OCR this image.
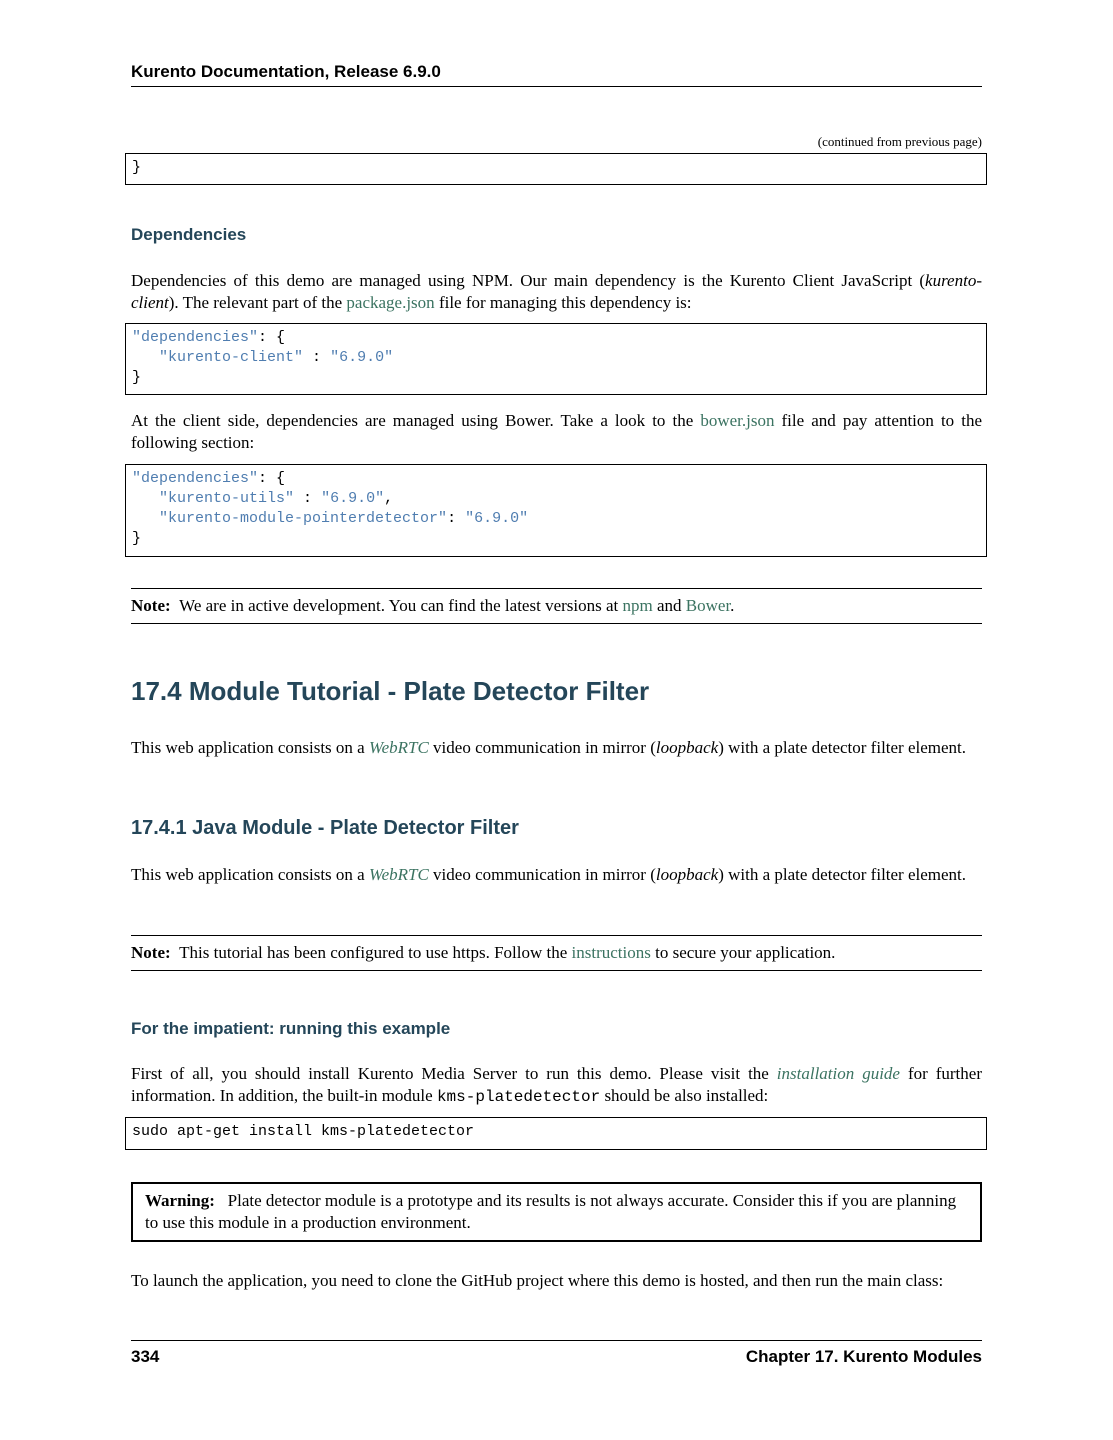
Kurento Documentation, Release 6.9.0
(continued from previous page)
}
Dependencies
Dependencies of this demo are managed using NPM. Our main dependency is the Kurento Client JavaScript (kurento-client). The relevant part of the package.json file for managing this dependency is:
"dependencies": {
"kurento-client" : "6.9.0"
}
At the client side, dependencies are managed using Bower. Take a look to the bower.json file and pay attention to the following section:
"dependencies": {
"kurento-utils" : "6.9.0",
"kurento-module-pointerdetector": "6.9.0"
}
Note: We are in active development. You can find the latest versions at npm and Bower.
17.4 Module Tutorial - Plate Detector Filter
This web application consists on a WebRTC video communication in mirror (loopback) with a plate detector filter element.
17.4.1 Java Module - Plate Detector Filter
This web application consists on a WebRTC video communication in mirror (loopback) with a plate detector filter element.
Note: This tutorial has been configured to use https. Follow the instructions to secure your application.
For the impatient: running this example
First of all, you should install Kurento Media Server to run this demo. Please visit the installation guide for further information. In addition, the built-in module kms-platedetector should be also installed:
sudo apt-get install kms-platedetector
Warning: Plate detector module is a prototype and its results is not always accurate. Consider this if you are planning to use this module in a production environment.
To launch the application, you need to clone the GitHub project where this demo is hosted, and then run the main class:
334	Chapter 17. Kurento Modules
